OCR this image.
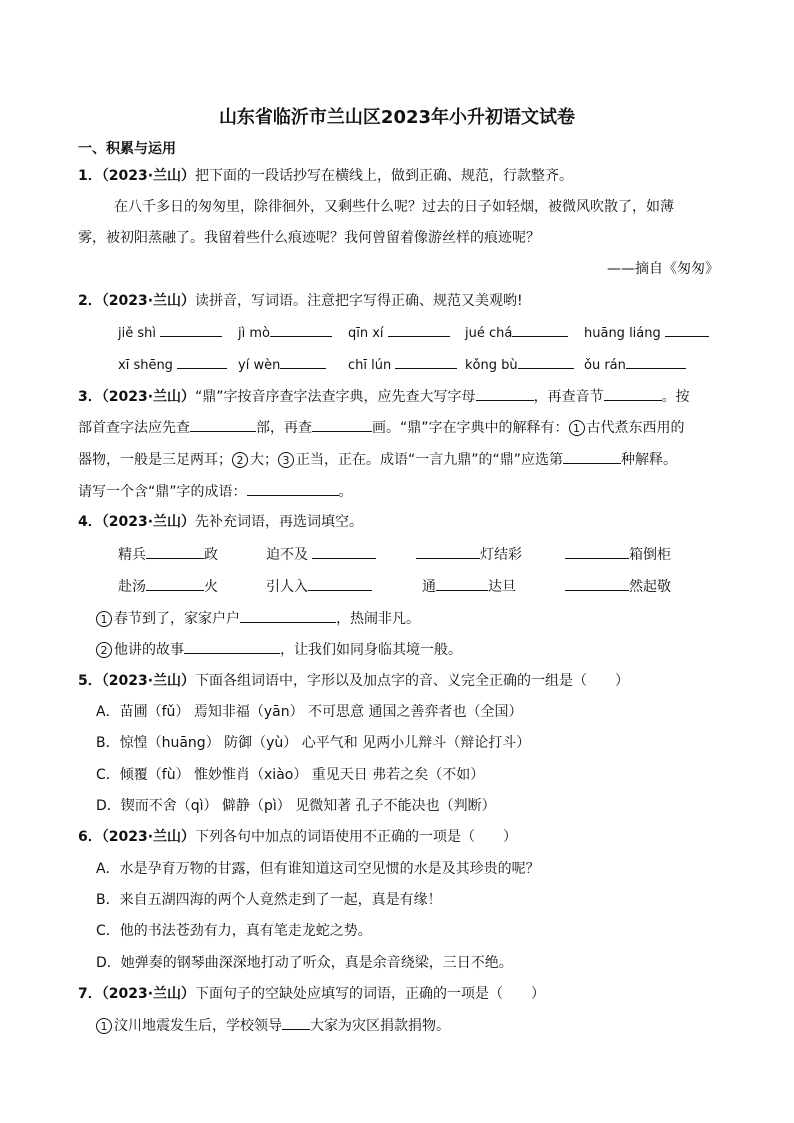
山东省临沂市兰山区2023年小升初语文试卷
一、积累与运用
1．（2023·兰山）把下面的一段话抄写在横线上，做到正确、规范，行款整齐。
在八千多日的匆匆里，除徘徊外，又剩些什么呢？过去的日子如轻烟，被微风吹散了，如薄
雾，被初阳蒸融了。我留着些什么痕迹呢？我何曾留着像游丝样的痕迹呢？
——摘自《匆匆》
2．（2023·兰山）读拼音，写词语。注意把字写得正确、规范又美观哟!
jiě shì	jì mò	qīn xí	jué chá	huāng liáng
xī shēng	yí wèn	chī lún	kǒng bù	ǒu rán
3．（2023·兰山）“鼎”字按音序查字法查字典，应先查大写字母	，再查音节	。按
部首查字法应先查	部，再查	画。“鼎”字在字典中的解释有： 1 古代煮东西用的
器物，一般是三足两耳； 2 大； 3 正当，正在。成语“一言九鼎”的“鼎”应选第	种解释。
请写一个含“鼎”字的成语：	。
4．（2023·兰山）先补充词语，再选词填空。
精兵	政	迫不及	灯结彩	箱倒柜
赴汤	火	引人入	通	达旦	然起敬
1 春节到了，家家户户	，热闹非凡。
2 他讲的故事	，让我们如同身临其境一般。
5．（2023·兰山）下面各组词语中，字形以及加点字的音、义完全正确的一组是（　　）
A．苗圃（fǔ） 焉知非福（yān） 不可思意 通国之善弈者也（全国）
B．惊惶（huāng） 防御（yù） 心平气和 见两小儿辩斗（辩论打斗）
C．倾覆（fù） 惟妙惟肖（xiào） 重见天日 弗若之矣（不如）
D．锲而不舍（qì） 僻静（pì） 见微知著 孔子不能决也（判断）
6．（2023·兰山）下列各句中加点的词语使用不正确的一项是（　　）
A．水是孕育万物的甘露，但有谁知道这司空见惯的水是及其珍贵的呢？
B．来自五湖四海的两个人竟然走到了一起，真是有缘！
C．他的书法苍劲有力，真有笔走龙蛇之势。
D．她弹奏的钢琴曲深深地打动了听众，真是余音绕梁，三日不绝。
7．（2023·兰山）下面句子的空缺处应填写的词语，正确的一项是（　　）
1 汶川地震发生后，学校领导 大家为灾区捐款捐物。
